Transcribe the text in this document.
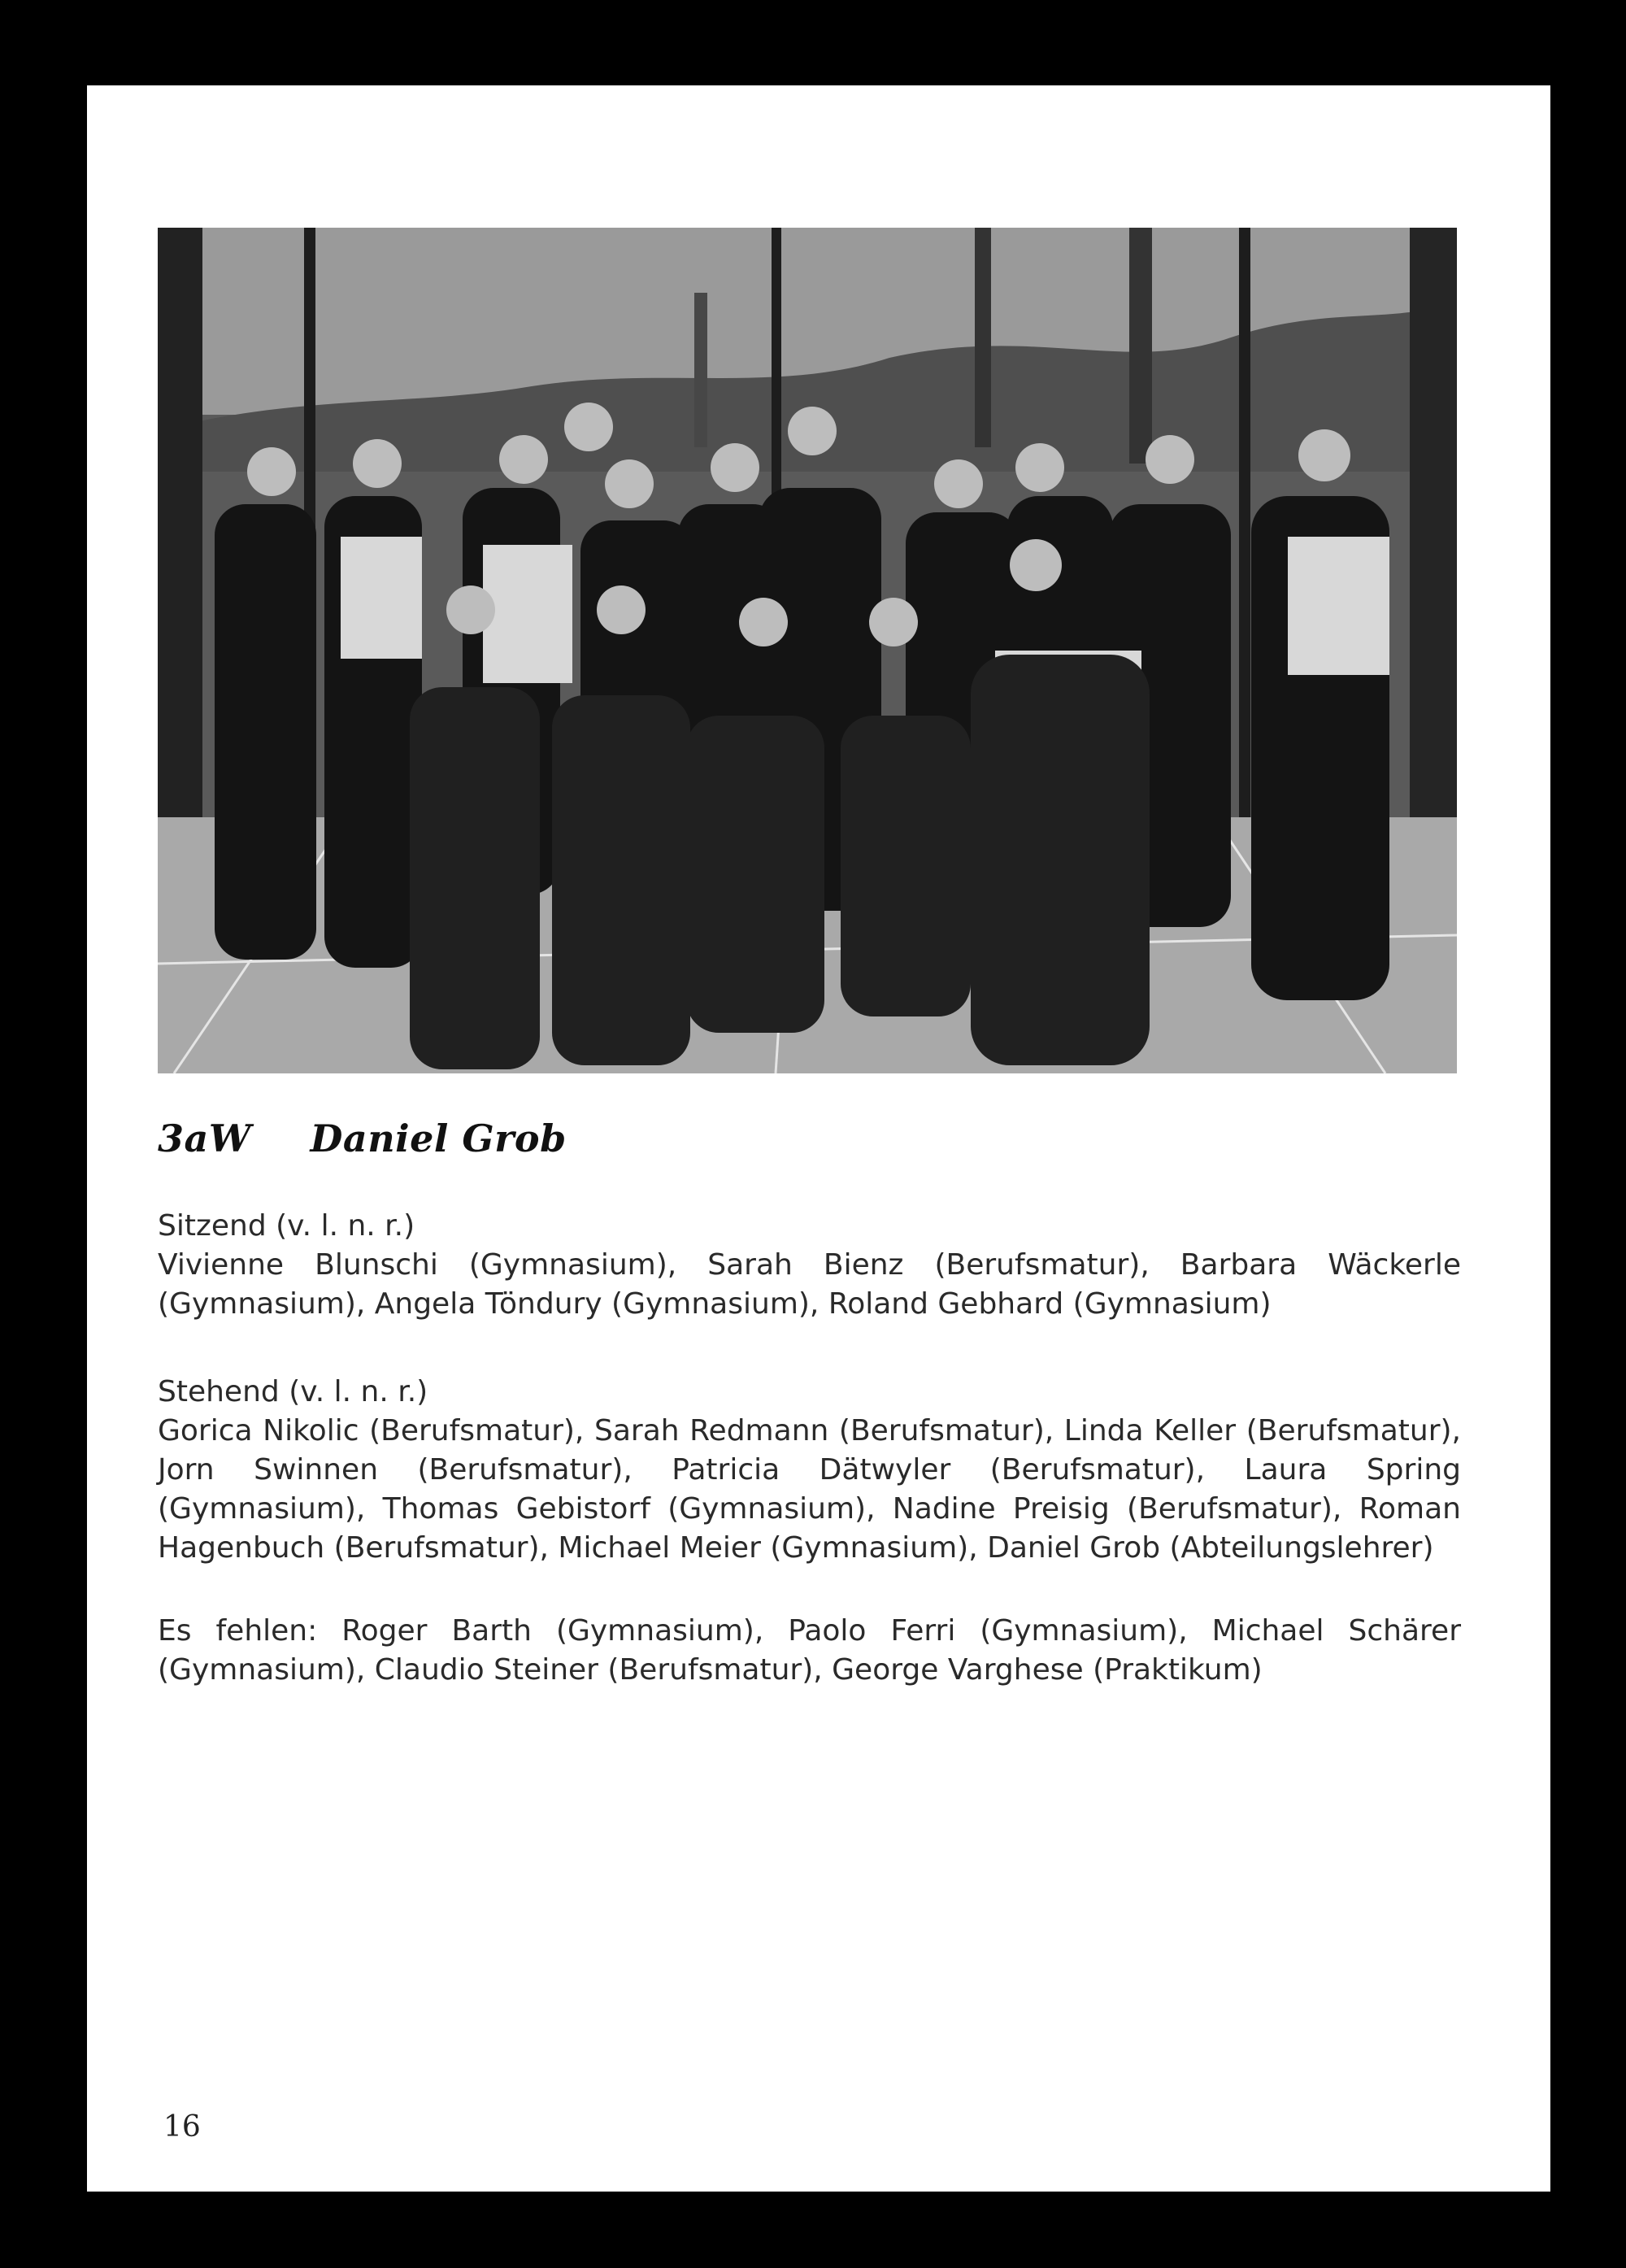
3aW Daniel Grob
Sitzend (v. l. n. r.)
Vivienne Blunschi (Gymnasium), Sarah Bienz (Berufsmatur), Barbara Wäckerle (Gymnasium), Angela Töndury (Gymnasium), Roland Gebhard (Gymnasium)
Stehend (v. l. n. r.)
Gorica Nikolic (Berufsmatur), Sarah Redmann (Berufsmatur), Linda Keller (Berufsmatur), Jorn Swinnen (Berufsmatur), Patricia Dätwyler (Berufsmatur), Laura Spring (Gymnasium), Thomas Gebistorf (Gymnasium), Nadine Preisig (Berufsmatur), Roman Hagenbuch (Berufsmatur), Michael Meier (Gymnasium), Daniel Grob (Abteilungslehrer)
Es fehlen: Roger Barth (Gymnasium), Paolo Ferri (Gymnasium), Michael Schärer (Gymnasium), Claudio Steiner (Berufsmatur), George Varghese (Praktikum)
16
